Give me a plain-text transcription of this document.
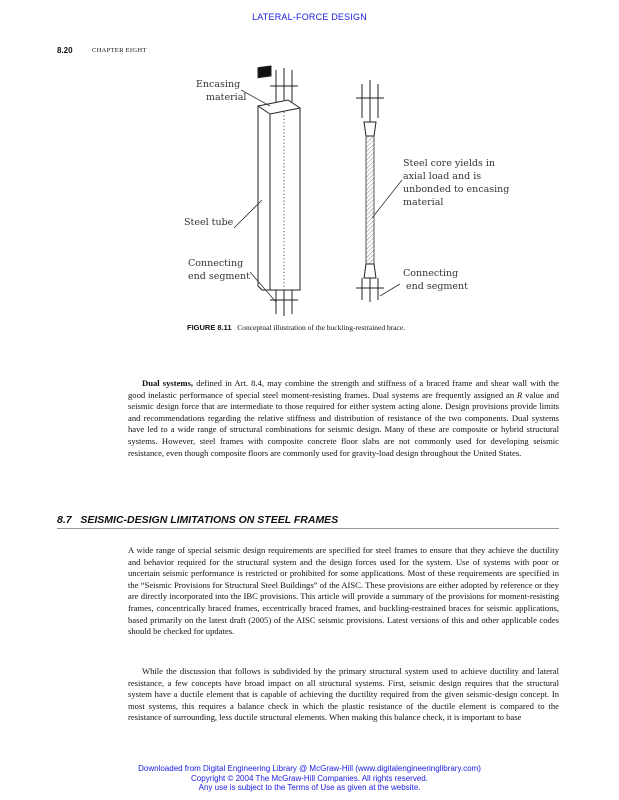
LATERAL-FORCE DESIGN
8.20	CHAPTER EIGHT
Encasing
material
Steel tube
Connecting
end segment
Steel core yields in
axial load and is
unbonded to encasing
material
Connecting
end segment
FIGURE 8.11 Conceptual illustration of the buckling-restrained brace.
Dual systems, defined in Art. 8.4, may combine the strength and stiffness of a braced frame and shear wall with the good inelastic performance of special steel moment-resisting frames. Dual systems are frequently assigned an R value and seismic design force that are intermediate to those required for either system acting alone. Design provisions provide limits and recommendations regarding the relative stiffness and distribution of resistance of the two components. Dual systems have led to a wide range of structural combinations for seismic design. Many of these are composite or hybrid structural systems. However, steel frames with composite concrete floor slabs are not commonly used for developing seismic resistance, even though composite floors are commonly used for gravity-load design throughout the United States.
8.7   SEISMIC-DESIGN LIMITATIONS ON STEEL FRAMES
A wide range of special seismic design requirements are specified for steel frames to ensure that they achieve the ductility and behavior required for the structural system and the design forces used for the system. Use of systems with poor or uncertain seismic performance is restricted or prohibited for some applications. Most of these requirements are specified in the “Seismic Provisions for Structural Steel Buildings” of the AISC. These provisions are either adopted by reference or they are directly incorporated into the IBC provisions. This article will provide a summary of the provisions for moment-resisting frames, concentrically braced frames, eccentrically braced frames, and buckling-restrained braces for seismic applications, based primarily on the latest draft (2005) of the AISC seismic provisions. Latest versions of this and other applicable codes should be checked for updates.
While the discussion that follows is subdivided by the primary structural system used to achieve ductility and lateral resistance, a few concepts have broad impact on all structural systems. First, seismic design requires that the structural system have a ductile element that is capable of achieving the ductility required from the given seismic-design concept. In most systems, this requires a balance check in which the plastic resistance of the ductile element is compared to the resistance of surrounding, less ductile structural elements. When making this balance check, it is important to base
Downloaded from Digital Engineering Library @ McGraw-Hill (www.digitalengineeringlibrary.com)
Copyright © 2004 The McGraw-Hill Companies. All rights reserved.
Any use is subject to the Terms of Use as given at the website.
